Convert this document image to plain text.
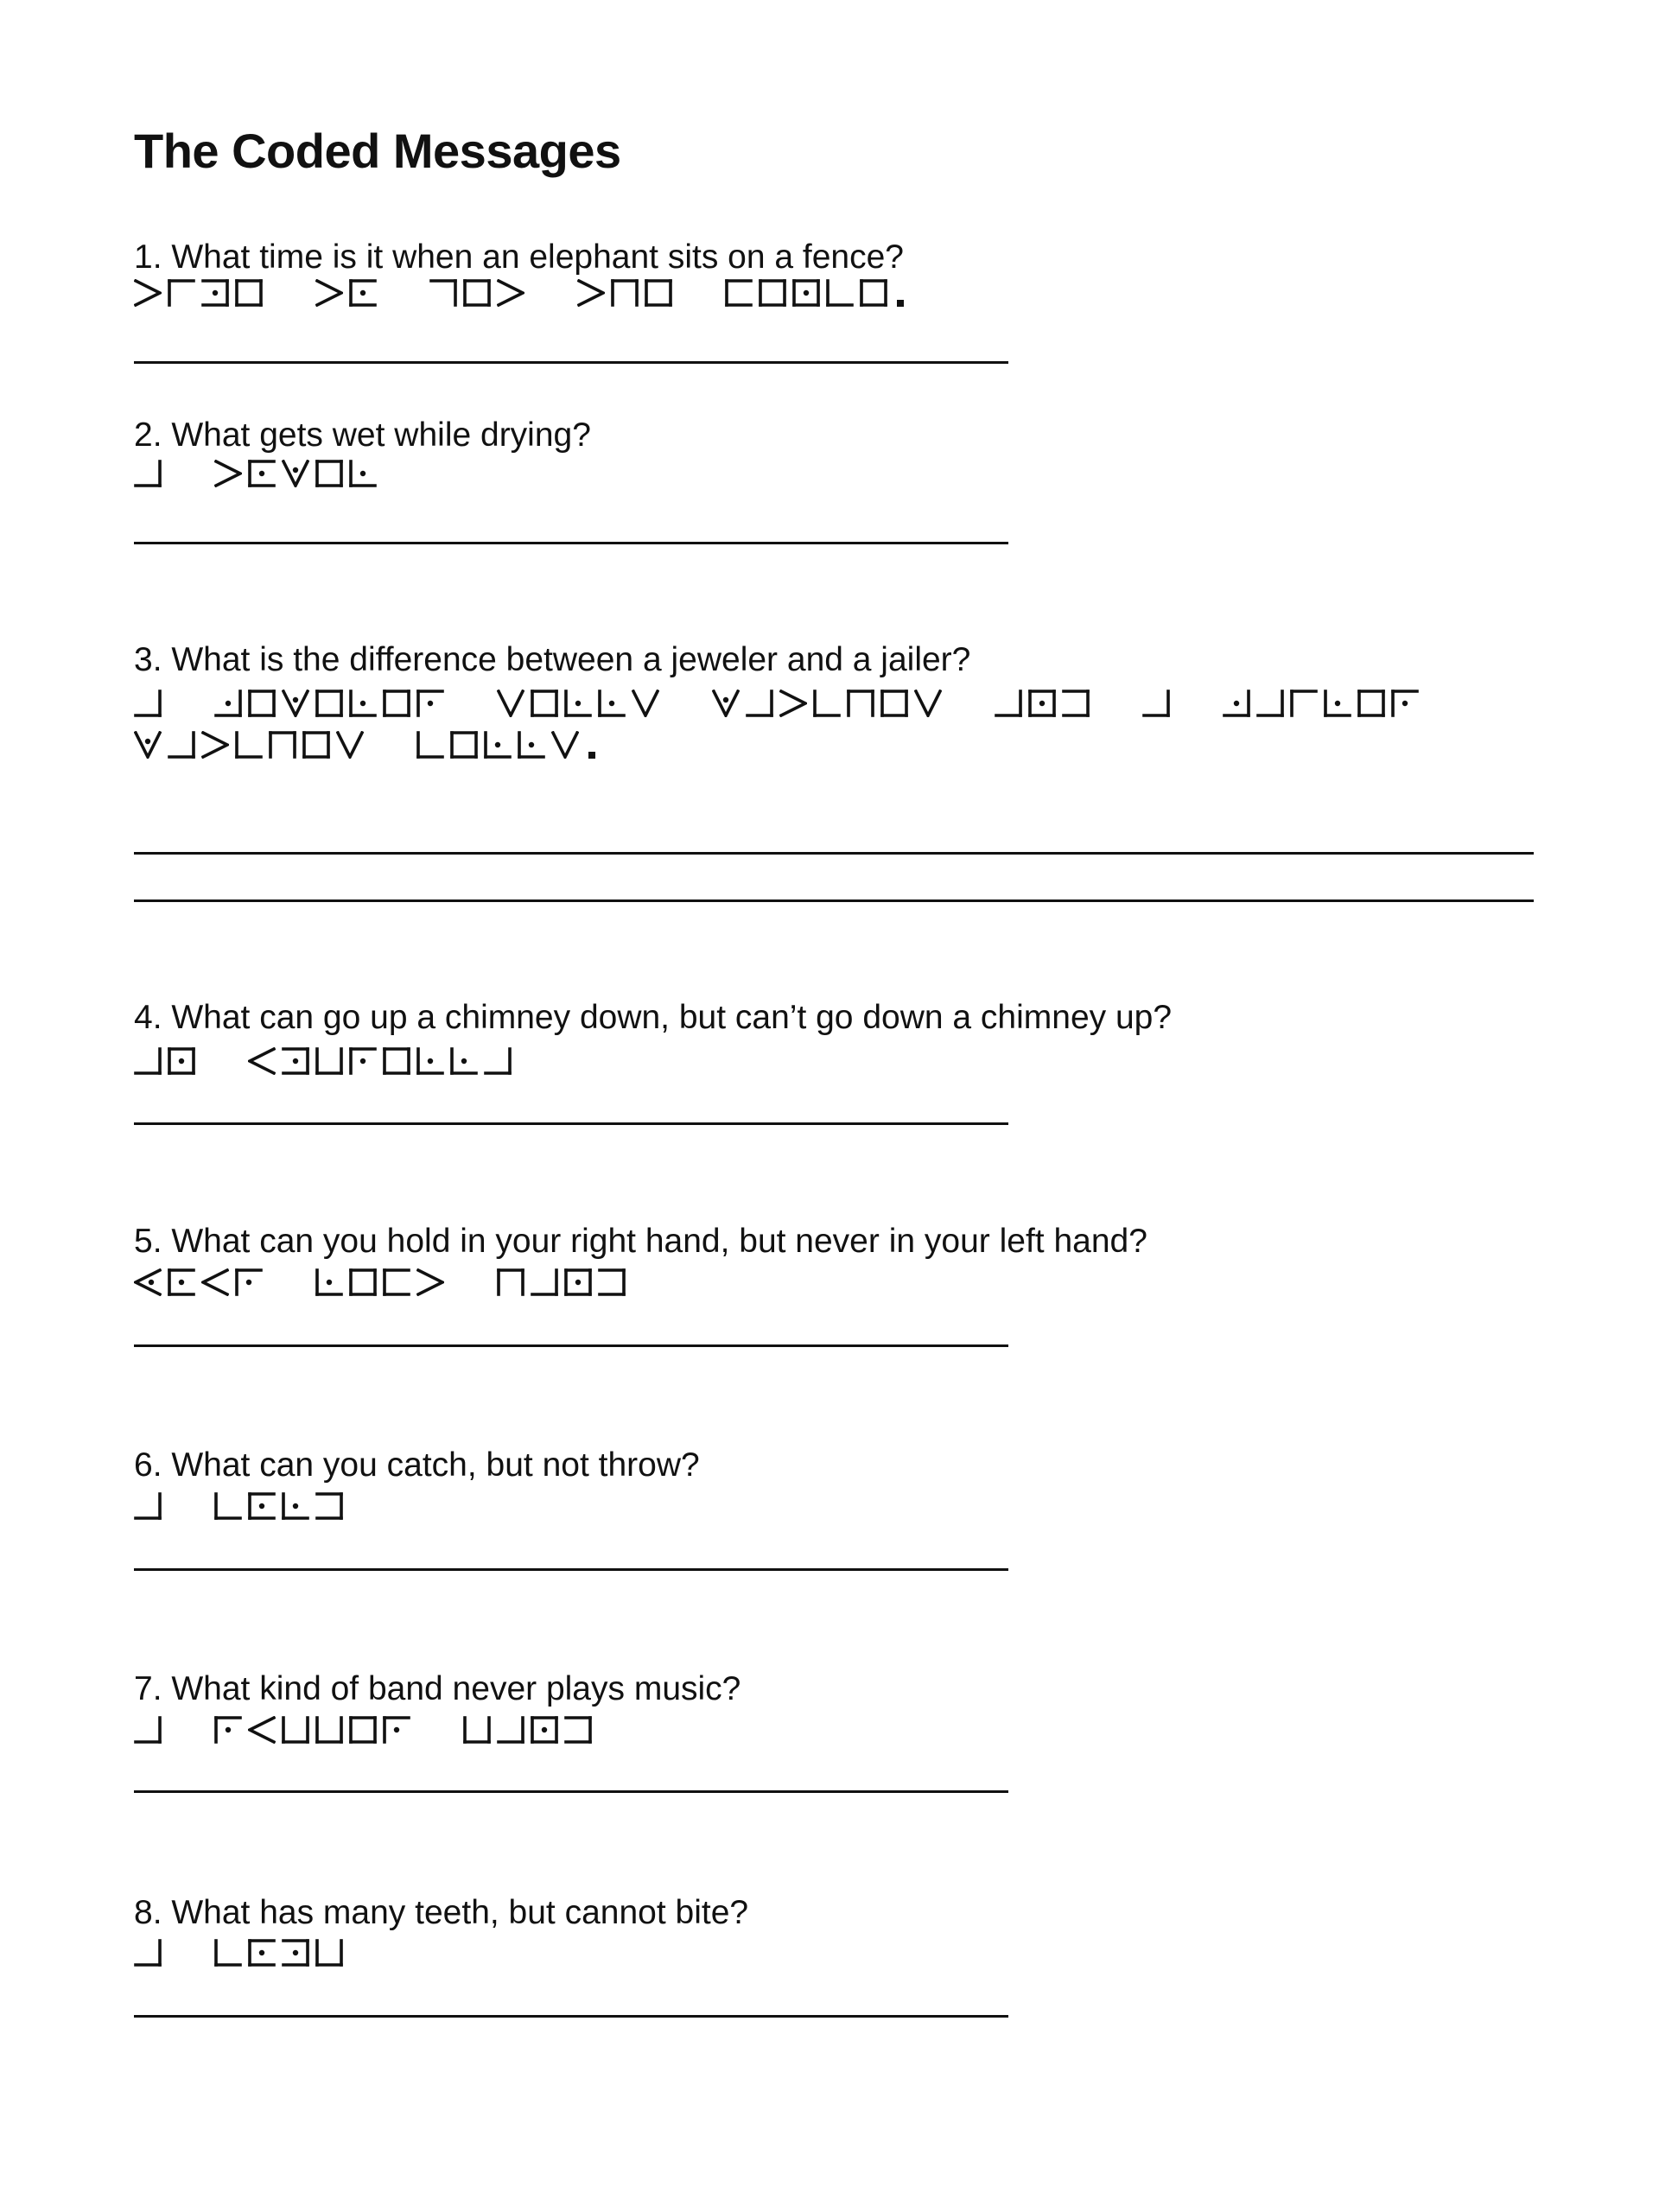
The Coded Messages

1. What time is it when an elephant sits on a fence?

2. What gets wet while drying?

3. What is the difference between a jeweler and a jailer?

4. What can go up a chimney down, but can’t go down a chimney up?

5. What can you hold in your right hand, but never in your left hand?

6. What can you catch, but not throw?

7. What kind of band never plays music?

8. What has many teeth, but cannot bite?
